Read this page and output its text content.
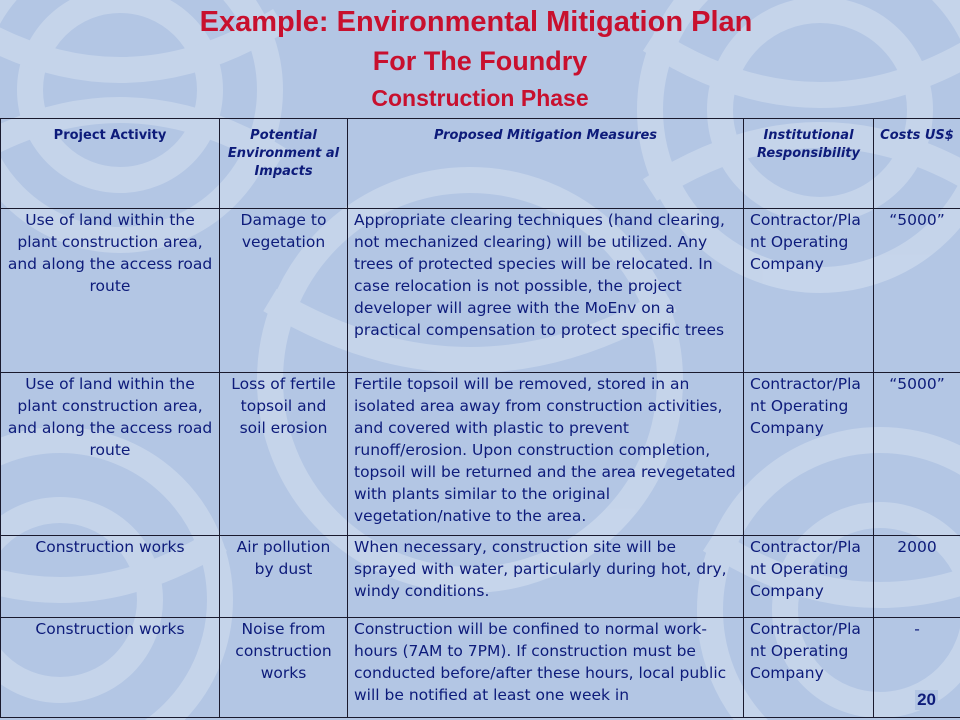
Example: Environmental Mitigation Plan
For The Foundry
Construction Phase
Project Activity	Potential Environment al Impacts	Proposed Mitigation Measures	Institutional Responsibility	Costs US$
Use of land within the plant construction area, and along the access road route	Damage to vegetation	Appropriate clearing techniques (hand clearing, not mechanized clearing) will be utilized. Any trees of protected species will be relocated. In case relocation is not possible, the project developer will agree with the MoEnv on a practical compensation to protect specific trees	Contractor/Pla nt Operating Company	“5000”
Use of land within the plant construction area, and along the access road route	Loss of fertile topsoil and soil erosion	Fertile topsoil will be removed, stored in an isolated area away from construction activities, and covered with plastic to prevent runoff/erosion. Upon construction completion, topsoil will be returned and the area revegetated with plants similar to the original vegetation/native to the area.	Contractor/Pla nt Operating Company	“5000”
Construction works	Air pollution by dust	When necessary, construction site will be sprayed with water, particularly during hot, dry, windy conditions.	Contractor/Pla nt Operating Company	2000
Construction works	Noise from construction works	Construction will be confined to normal work-hours (7AM to 7PM). If construction must be conducted before/after these hours, local public will be notified at least one week in	Contractor/Pla nt Operating Company	-
20
